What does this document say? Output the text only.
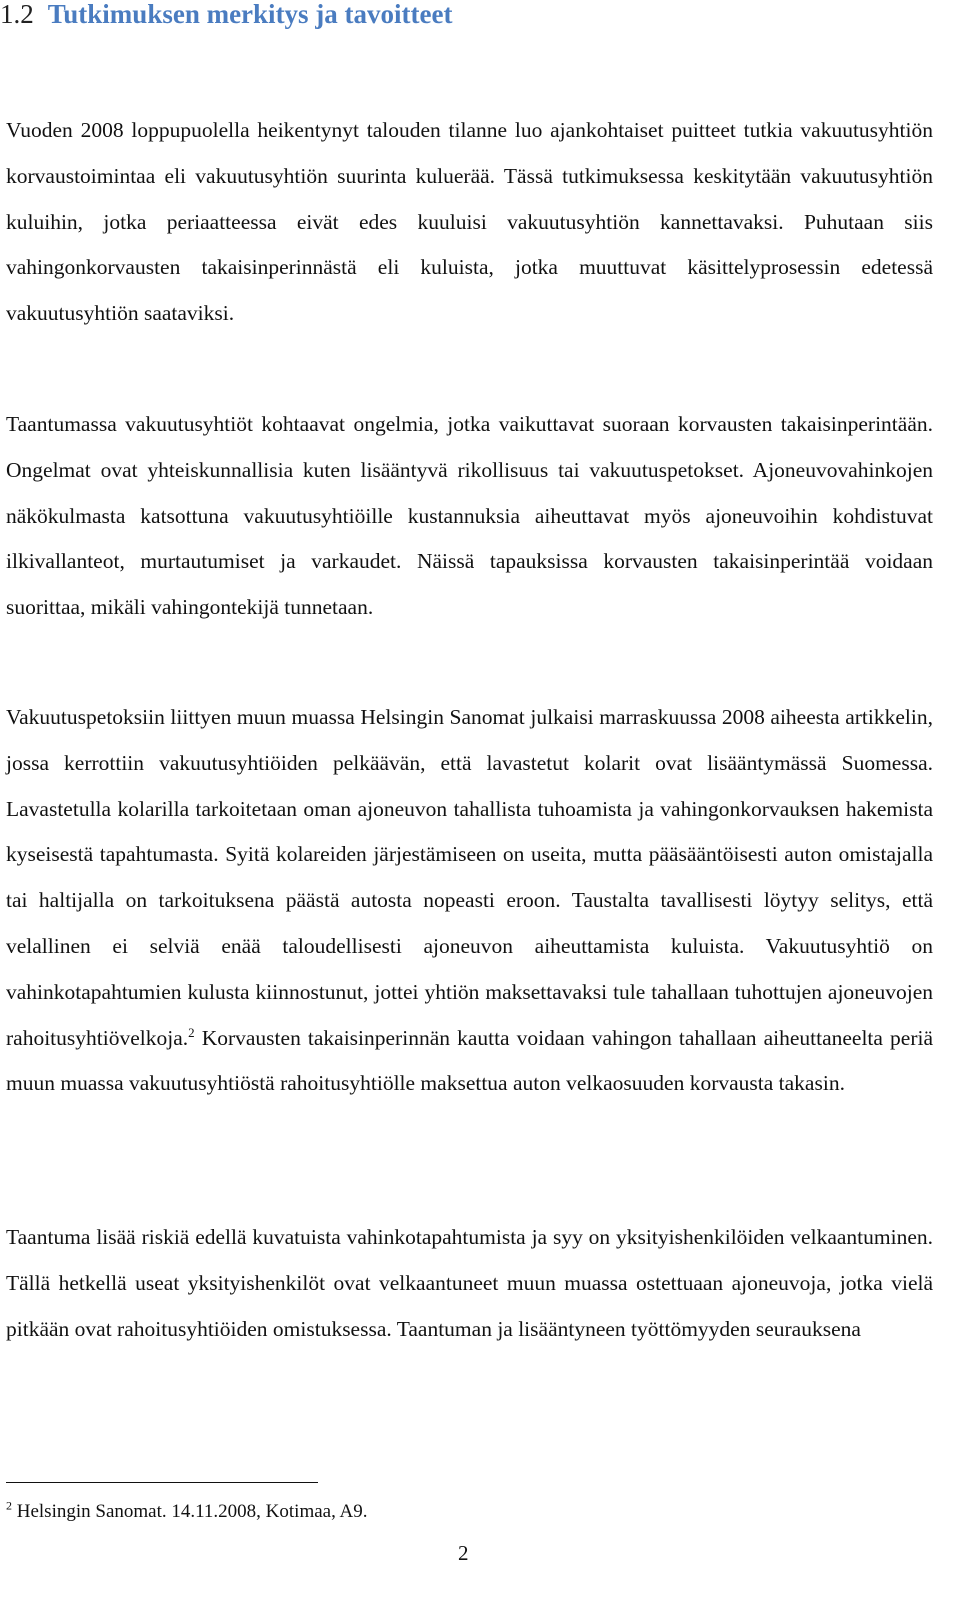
1.2 Tutkimuksen merkitys ja tavoitteet

Vuoden 2008 loppupuolella heikentynyt talouden tilanne luo ajankohtaiset puitteet tutkia vakuutusyhtiön korvaustoimintaa eli vakuutusyhtiön suurinta kuluerää. Tässä tutkimuksessa keskitytään vakuutusyhtiön kuluihin, jotka periaatteessa eivät edes kuuluisi vakuutusyhtiön kannettavaksi. Puhutaan siis vahingonkorvausten takaisinperinnästä eli kuluista, jotka muuttuvat käsittelyprosessin edetessä vakuutusyhtiön saataviksi.

Taantumassa vakuutusyhtiöt kohtaavat ongelmia, jotka vaikuttavat suoraan korvausten takaisinperintään. Ongelmat ovat yhteiskunnallisia kuten lisääntyvä rikollisuus tai vakuutuspetokset. Ajoneuvovahinkojen näkökulmasta katsottuna vakuutusyhtiöille kustannuksia aiheuttavat myös ajoneuvoihin kohdistuvat ilkivallanteot, murtautumiset ja varkaudet. Näissä tapauksissa korvausten takaisinperintää voidaan suorittaa, mikäli vahingontekijä tunnetaan.

Vakuutuspetoksiin liittyen muun muassa Helsingin Sanomat julkaisi marraskuussa 2008 aiheesta artikkelin, jossa kerrottiin vakuutusyhtiöiden pelkäävän, että lavastetut kolarit ovat lisääntymässä Suomessa. Lavastetulla kolarilla tarkoitetaan oman ajoneuvon tahallista tuhoamista ja vahingonkorvauksen hakemista kyseisestä tapahtumasta. Syitä kolareiden järjestämiseen on useita, mutta pääsääntöisesti auton omistajalla tai haltijalla on tarkoituksena päästä autosta nopeasti eroon. Taustalta tavallisesti löytyy selitys, että velallinen ei selviä enää taloudellisesti ajoneuvon aiheuttamista kuluista. Vakuutusyhtiö on vahinkotapahtumien kulusta kiinnostunut, jottei yhtiön maksettavaksi tule tahallaan tuhottujen ajoneuvojen rahoitusyhtiövelkoja.$^2$ Korvausten takaisinperinnän kautta voidaan vahingon tahallaan aiheuttaneelta periä muun muassa vakuutusyhtiöstä rahoitusyhtiölle maksettua auton velkaosuuden korvausta takasin.

Taantuma lisää riskiä edellä kuvatuista vahinkotapahtumista ja syy on yksityishenkilöiden velkaantuminen. Tällä hetkellä useat yksityishenkilöt ovat velkaantuneet muun muassa ostettuaan ajoneuvoja, jotka vielä pitkään ovat rahoitusyhtiöiden omistuksessa. Taantuman ja lisääntyneen työttömyyden seurauksena

$^2$ Helsingin Sanomat. 14.11.2008, Kotimaa, A9.

2
